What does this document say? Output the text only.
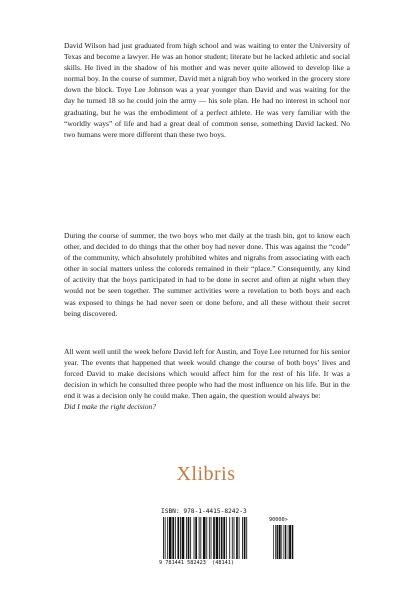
David Wilson had just graduated from high school and was waiting to enter the University of Texas and become a lawyer. He was an honor student; literate but he lacked athletic and social skills. He lived in the shadow of his mother and was never quite allowed to develop like a normal boy. In the course of summer, David met a nigrah boy who worked in the grocery store down the block. Toye Lee Johnson was a year younger than David and was waiting for the day he turned 18 so he could join the army — his sole plan. He had no interest in school nor graduating, but he was the embodiment of a perfect athlete. He was very familiar with the “worldly ways” of life and had a great deal of common sense, something David lacked. No two humans were more different than these two boys.

During the course of summer, the two boys who met daily at the trash bin, got to know each other, and decided to do things that the other boy had never done. This was against the “code” of the community, which absolutely prohibited whites and nigrahs from associating with each other in social matters unless the coloreds remained in their “place.” Consequently, any kind of activity that the boys participated in had to be done in secret and often at night when they would not be seen together. The summer activities were a revelation to both boys and each was exposed to things he had never seen or done before, and all these without their secret being discovered.

All went well until the week before David left for Austin, and Toye Lee returned for his senior year. The events that happened that week would change the course of both boys’ lives and forced David to make decisions which would affect him for the rest of his life. It was a decision in which he consulted three people who had the most influence on his life. But in the end it was a decision only he could make. Then again, the question would always be:
Did I make the right decision?

Xlibris
ISBN: 978-1-4415-8242-3
90000>
9 781441 582423 (48141)
